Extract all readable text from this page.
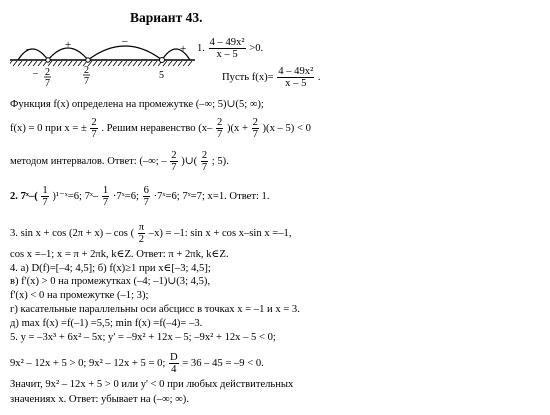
Вариант 43.
–	+	–
+
– 2
7
2
7
5
1. $\frac{\text{4 – 49x²}}{x - 5} >0$.
Пусть $f(x)= \frac{\text{4 – 49x²}}{x - 5}$ .
Функция f(x) определена на промежутке (–∞; 5)∪(5; ∞);
f(x) = 0 при x = ± $\frac{2}{7}$ . Решим неравенство $(x- \frac{2}{7} )(x + \frac{2}{7} )(x - 5) < 0$
методом интервалов. Ответ: (–∞; – $\frac{2}{7}$ )∪( $\frac{2}{7}$ ; 5).
2. 7ˣ–( $\frac{1}{7}$ )¹⁻ˣ=6; 7ˣ– $\frac{1}{7}$ ·7ˣ=6; $\frac{6}{7}$ ·7ˣ=6; 7ˣ=7; x=1. Ответ: 1.
3. sin x + cos (2π + x) – cos ( $\frac{\pi}{2} -x) = -1$: sin x + cos x–sin x =–1,
cos x =–1; x = π + 2πk, k∈Z. Ответ: π + 2πk, k∈Z.
4. а) D(f)=[–4; 4,5]; б) f(x)≥1 при x∈[–3; 4,5];
в) f'(x) > 0 на промежутках (–4; –1)∪(3; 4,5),
f'(x) < 0 на промежутке (–1; 3);
г) касательные параллельны оси абсцисс в точках x = –1 и x = 3.
д) max f(x) =f(–1) =5,5; min f(x) =f(–4)= –3.
5. y = –3x³ + 6x² – 5x; y' = –9x² + 12x – 5; –9x² + 12x – 5 < 0;
9x² – 12x + 5 > 0; 9x² – 12x + 5 = 0; $\frac{D}{4} = 36 - 45 = -9 < 0$.
Значит, 9x² – 12x + 5 > 0 или y' < 0 при любых действительных
значениях x. Ответ: убывает на (–∞; ∞).
